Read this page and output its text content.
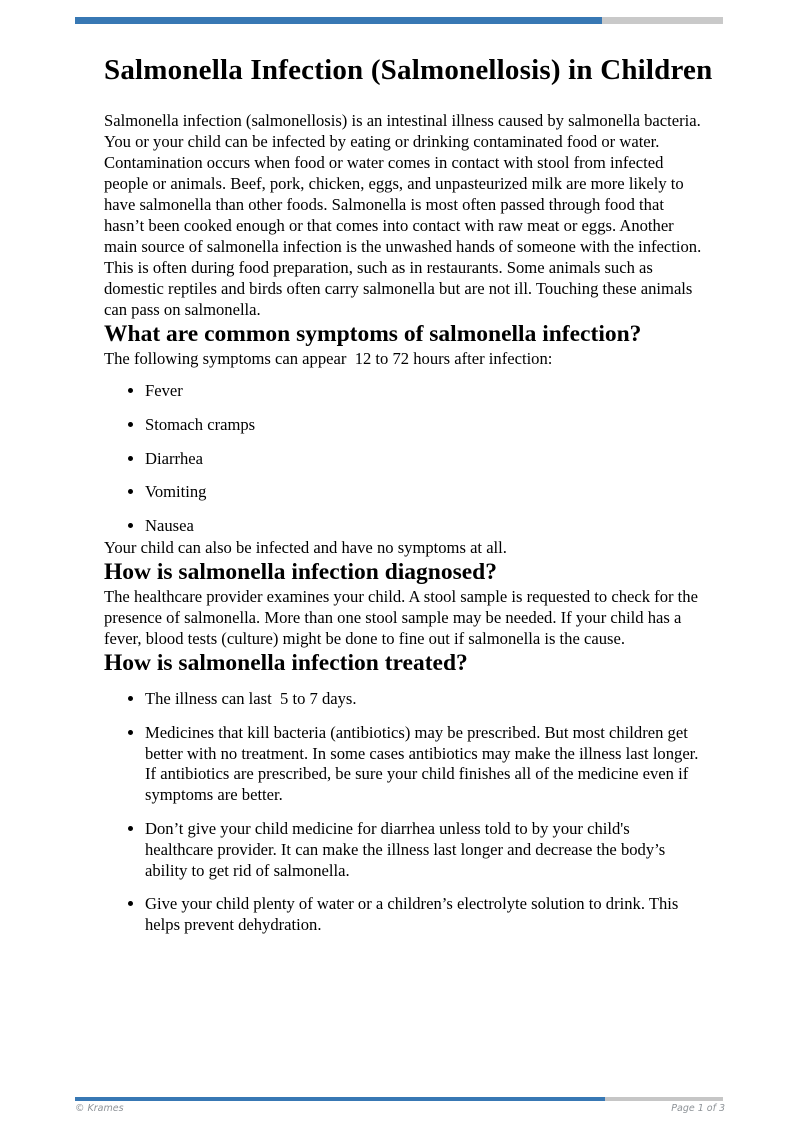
Salmonella Infection (Salmonellosis) in Children

Salmonella infection (salmonellosis) is an intestinal illness caused by salmonella bacteria. You or your child can be infected by eating or drinking contaminated food or water. Contamination occurs when food or water comes in contact with stool from infected people or animals. Beef, pork, chicken, eggs, and unpasteurized milk are more likely to have salmonella than other foods. Salmonella is most often passed through food that hasn’t been cooked enough or that comes into contact with raw meat or eggs. Another main source of salmonella infection is the unwashed hands of someone with the infection. This is often during food preparation, such as in restaurants. Some animals such as domestic reptiles and birds often carry salmonella but are not ill. Touching these animals can pass on salmonella.

What are common symptoms of salmonella infection?

The following symptoms can appear  12 to 72 hours after infection:

• Fever
• Stomach cramps
• Diarrhea
• Vomiting
• Nausea

Your child can also be infected and have no symptoms at all.

How is salmonella infection diagnosed?

The healthcare provider examines your child. A stool sample is requested to check for the presence of salmonella. More than one stool sample may be needed. If your child has a fever, blood tests (culture) might be done to fine out if salmonella is the cause.

How is salmonella infection treated?
• The illness can last  5 to 7 days.
• Medicines that kill bacteria (antibiotics) may be prescribed. But most children get better with no treatment. In some cases antibiotics may make the illness last longer. If antibiotics are prescribed, be sure your child finishes all of the medicine even if symptoms are better.
• Don’t give your child medicine for diarrhea unless told to by your child's healthcare provider. It can make the illness last longer and decrease the body’s ability to get rid of salmonella.
• Give your child plenty of water or a children’s electrolyte solution to drink. This helps prevent dehydration.
© Krames	Page 1 of 3
